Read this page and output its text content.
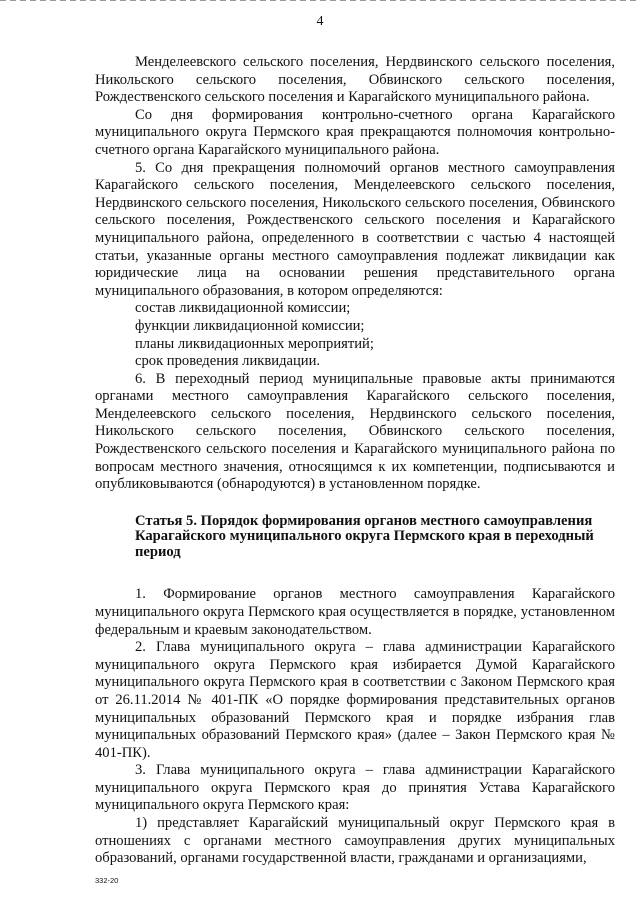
4

Менделеевского сельского поселения, Нердвинского сельского поселения, Никольского сельского поселения, Обвинского сельского поселения, Рождественского сельского поселения и Карагайского муниципального района.

Со дня формирования контрольно-счетного органа Карагайского муниципального округа Пермского края прекращаются полномочия контрольно-счетного органа Карагайского муниципального района.

5. Со дня прекращения полномочий органов местного самоуправления Карагайского сельского поселения, Менделеевского сельского поселения, Нердвинского сельского поселения, Никольского сельского поселения, Обвинского сельского поселения, Рождественского сельского поселения и Карагайского муниципального района, определенного в соответствии с частью 4 настоящей статьи, указанные органы местного самоуправления подлежат ликвидации как юридические лица на основании решения представительного органа муниципального образования, в котором определяются:

состав ликвидационной комиссии;

функции ликвидационной комиссии;

планы ликвидационных мероприятий;

срок проведения ликвидации.

6. В переходный период муниципальные правовые акты принимаются органами местного самоуправления Карагайского сельского поселения, Менделеевского сельского поселения, Нердвинского сельского поселения, Никольского сельского поселения, Обвинского сельского поселения, Рождественского сельского поселения и Карагайского муниципального района по вопросам местного значения, относящимся к их компетенции, подписываются и опубликовываются (обнародуются) в установленном порядке.

Статья 5. Порядок формирования органов местного самоуправления Карагайского муниципального округа Пермского края в переходный период

1. Формирование органов местного самоуправления Карагайского муниципального округа Пермского края осуществляется в порядке, установленном федеральным и краевым законодательством.

2. Глава муниципального округа – глава администрации Карагайского муниципального округа Пермского края избирается Думой Карагайского муниципального округа Пермского края в соответствии с Законом Пермского края от 26.11.2014 № 401-ПК «О порядке формирования представительных органов муниципальных образований Пермского края и порядке избрания глав муниципальных образований Пермского края» (далее – Закон Пермского края № 401-ПК).

3. Глава муниципального округа – глава администрации Карагайского муниципального округа Пермского края до принятия Устава Карагайского муниципального округа Пермского края:

1) представляет Карагайский муниципальный округ Пермского края в отношениях с органами местного самоуправления других муниципальных образований, органами государственной власти, гражданами и организациями,

332-20
